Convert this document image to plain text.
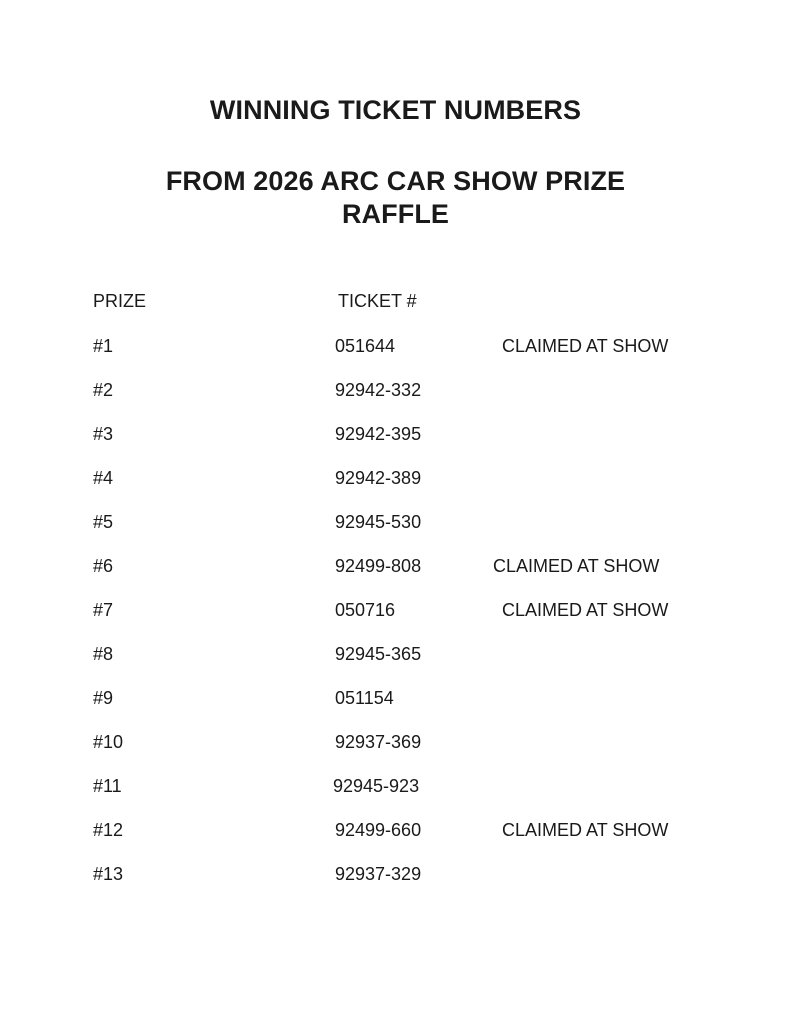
WINNING TICKET NUMBERS
FROM 2026 ARC CAR SHOW PRIZE
RAFFLE
PRIZE	TICKET #
#1	051644	CLAIMED AT SHOW
#2	92942-332
#3	92942-395
#4	92942-389
#5	92945-530
#6	92499-808	CLAIMED AT SHOW
#7	050716	CLAIMED AT SHOW
#8	92945-365
#9	051154
#10	92937-369
#11	92945-923
#12	92499-660	CLAIMED AT SHOW
#13	92937-329
